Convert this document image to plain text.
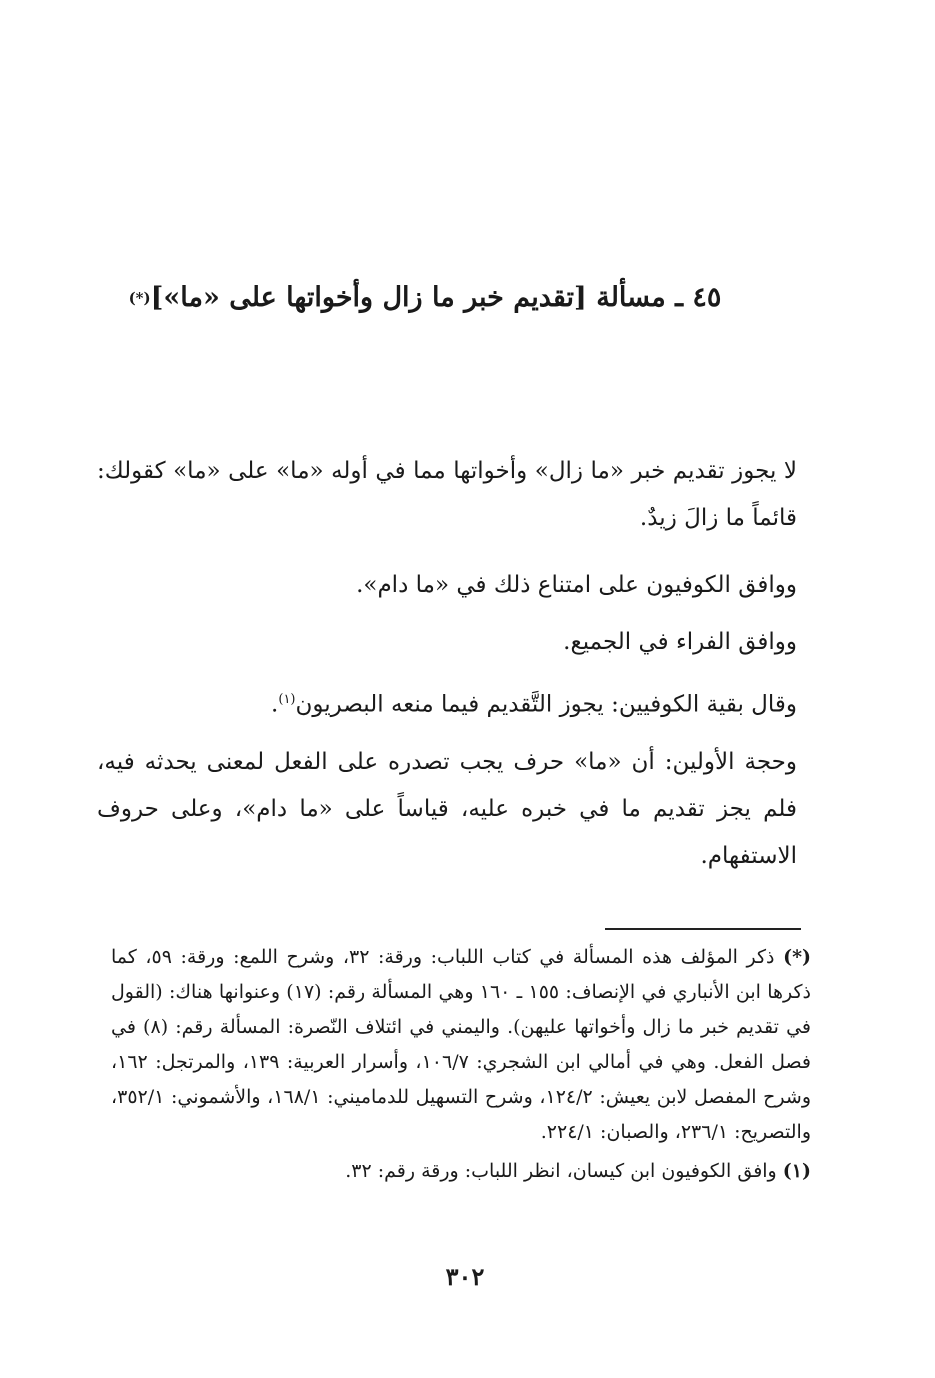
٤٥ ـ مسألة [تقديم خبر ما زال وأخواتها على «ما»](*)

لا يجوز تقديم خبر «ما زال» وأخواتها مما في أوله «ما» على «ما» كقولك: قائماً ما زالَ زيدٌ.

ووافق الكوفيون على امتناع ذلك في «ما دام».

ووافق الفراء في الجميع.

وقال بقية الكوفيين: يجوز التَّقديم فيما منعه البصريون$^{(١)}$.

وحجة الأولين: أن «ما» حرف يجب تصدره على الفعل لمعنى يحدثه فيه، فلم يجز تقديم ما في خبره عليه، قياساً على «ما دام»، وعلى حروف الاستفهام.

(*) ذكر المؤلف هذه المسألة في كتاب اللباب: ورقة: ٣٢، وشرح اللمع: ورقة: ٥٩، كما ذكرها ابن الأنباري في الإنصاف: ١٥٥ ـ ١٦٠ وهي المسألة رقم: (١٧) وعنوانها هناك: (القول في تقديم خبر ما زال وأخواتها عليهن). واليمني في ائتلاف النّصرة: المسألة رقم: (٨) في فصل الفعل. وهي في أمالي ابن الشجري: ١٠٦/٧، وأسرار العربية: ١٣٩، والمرتجل: ١٦٢، وشرح المفصل لابن يعيش: ١٢٤/٢، وشرح التسهيل للدماميني: ١٦٨/١، والأشموني: ٣٥٢/١، والتصريح: ٢٣٦/١، والصبان: ٢٢٤/١.

(١) وافق الكوفيون ابن كيسان، انظر اللباب: ورقة رقم: ٣٢.

٣٠٢
